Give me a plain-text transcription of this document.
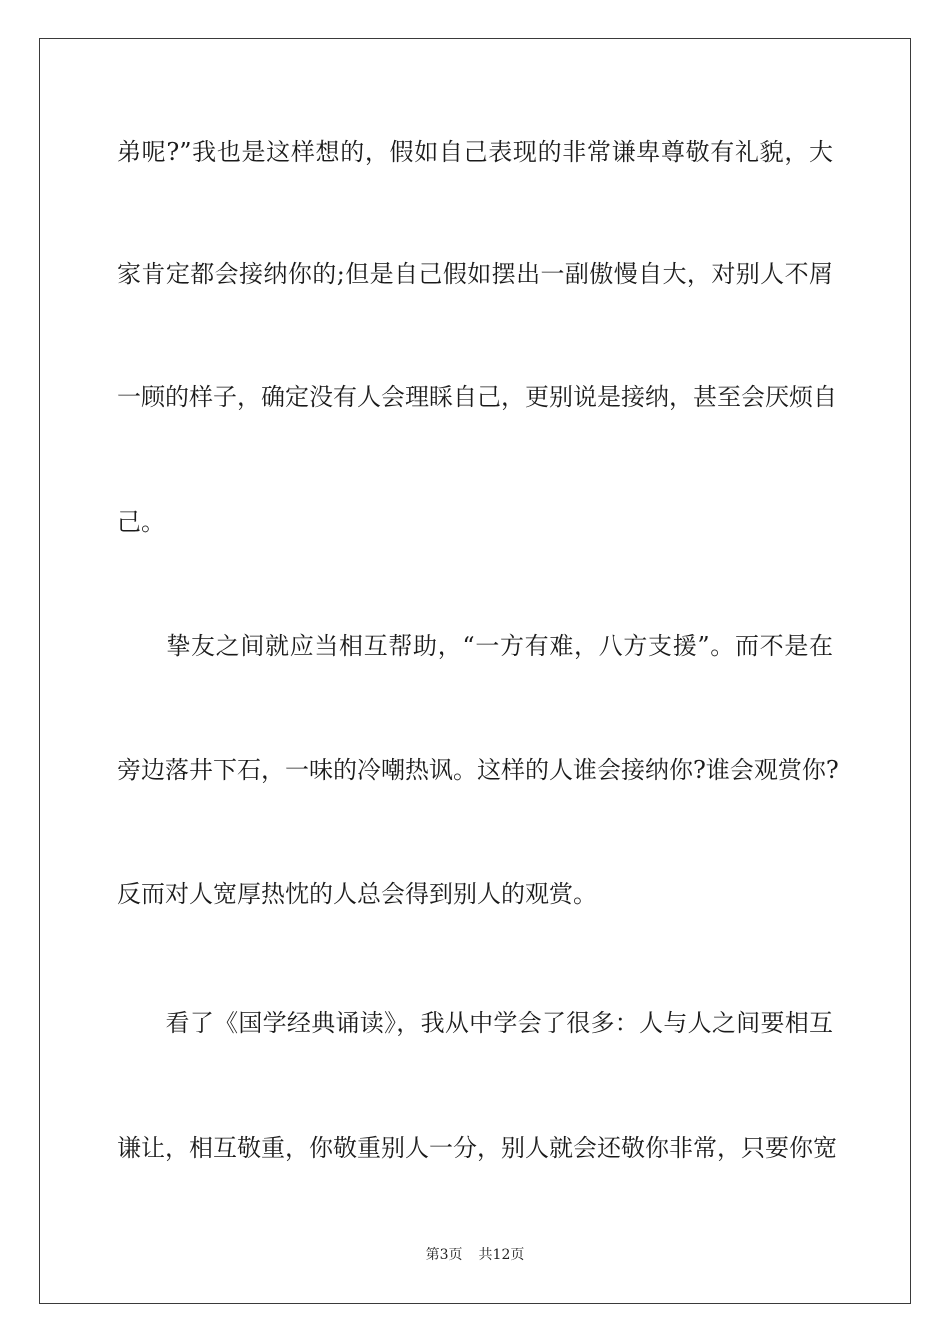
弟呢?”我也是这样想的，假如自己表现的非常谦卑尊敬有礼貌，大
家肯定都会接纳你的;但是自己假如摆出一副傲慢自大，对别人不屑
一顾的样子，确定没有人会理睬自己，更别说是接纳，甚至会厌烦自
己。
　　挚友之间就应当相互帮助，“一方有难，八方支援”。而不是在
旁边落井下石，一味的冷嘲热讽。这样的人谁会接纳你?谁会观赏你?
反而对人宽厚热忱的人总会得到别人的观赏。
　　看了《国学经典诵读》，我从中学会了很多：人与人之间要相互
谦让，相互敬重，你敬重别人一分，别人就会还敬你非常，只要你宽
第3页 共12页
